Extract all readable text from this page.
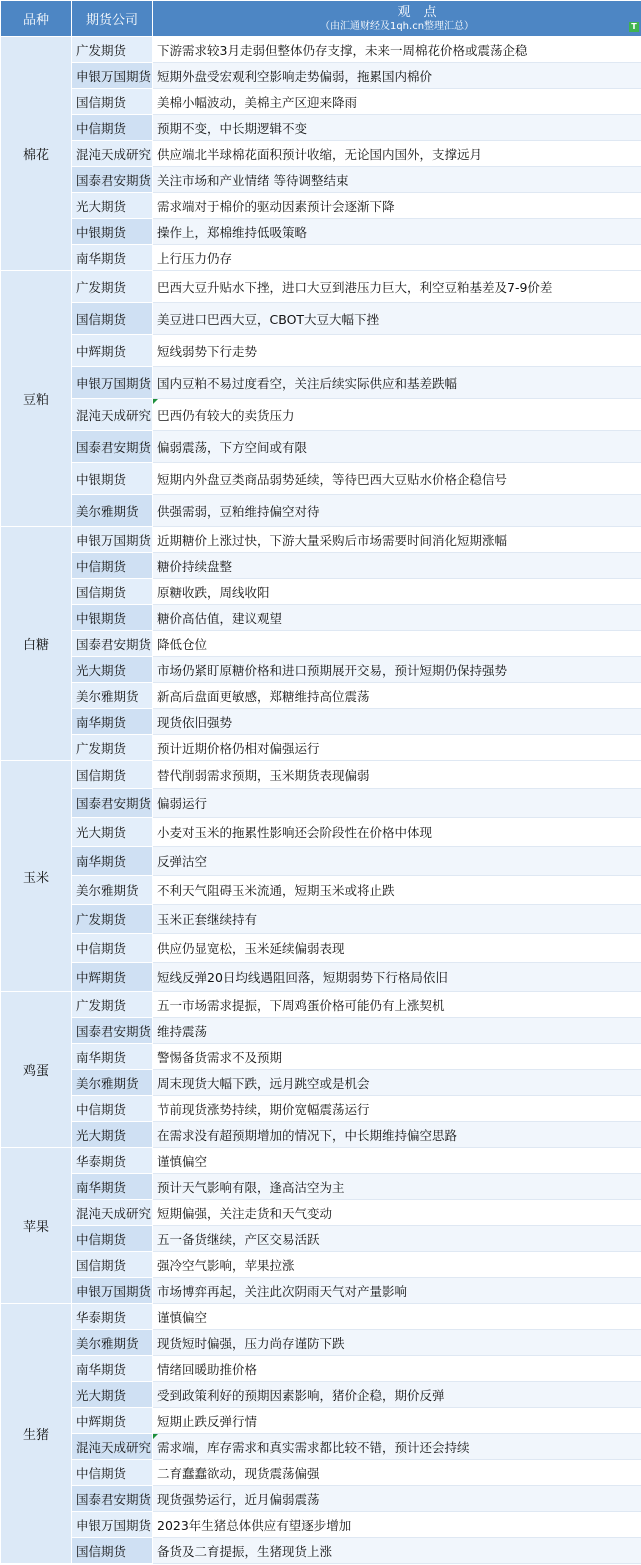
品种	期货公司	观　点
（由汇通财经及1qh.cn整理汇总） T

棉花	广发期货	下游需求较3月走弱但整体仍存支撑，未来一周棉花价格或震荡企稳
	申银万国期货	短期外盘受宏观利空影响走势偏弱，拖累国内棉价
	国信期货	美棉小幅波动，美棉主产区迎来降雨
	中信期货	预期不变，中长期逻辑不变
	混沌天成研究	供应端北半球棉花面积预计收缩，无论国内国外，支撑远月
	国泰君安期货	关注市场和产业情绪 等待调整结束
	光大期货	需求端对于棉价的驱动因素预计会逐渐下降
	中银期货	操作上，郑棉维持低吸策略
	南华期货	上行压力仍存
豆粕	广发期货	巴西大豆升贴水下挫，进口大豆到港压力巨大，利空豆粕基差及7-9价差
	国信期货	美豆进口巴西大豆，CBOT大豆大幅下挫
	中辉期货	短线弱势下行走势
	申银万国期货	国内豆粕不易过度看空，关注后续实际供应和基差跌幅
	混沌天成研究	巴西仍有较大的卖货压力
	国泰君安期货	偏弱震荡，下方空间或有限
	中银期货	短期内外盘豆类商品弱势延续，等待巴西大豆贴水价格企稳信号
	美尔雅期货	供强需弱，豆粕维持偏空对待
白糖	申银万国期货	近期糖价上涨过快，下游大量采购后市场需要时间消化短期涨幅
	中信期货	糖价持续盘整
	国信期货	原糖收跌，周线收阳
	中银期货	糖价高估值，建议观望
	国泰君安期货	降低仓位
	光大期货	市场仍紧盯原糖价格和进口预期展开交易，预计短期仍保持强势
	美尔雅期货	新高后盘面更敏感，郑糖维持高位震荡
	南华期货	现货依旧强势
	广发期货	预计近期价格仍相对偏强运行
玉米	国信期货	替代削弱需求预期，玉米期货表现偏弱
	国泰君安期货	偏弱运行
	光大期货	小麦对玉米的拖累性影响还会阶段性在价格中体现
	南华期货	反弹沽空
	美尔雅期货	不利天气阻碍玉米流通，短期玉米或将止跌
	广发期货	玉米正套继续持有
	中信期货	供应仍显宽松，玉米延续偏弱表现
	中辉期货	短线反弹20日均线遇阻回落，短期弱势下行格局依旧
鸡蛋	广发期货	五一市场需求提振，下周鸡蛋价格可能仍有上涨契机
	国泰君安期货	维持震荡
	南华期货	警惕备货需求不及预期
	美尔雅期货	周末现货大幅下跌，远月跳空或是机会
	中信期货	节前现货涨势持续，期价宽幅震荡运行
	光大期货	在需求没有超预期增加的情况下，中长期维持偏空思路
苹果	华泰期货	谨慎偏空
	南华期货	预计天气影响有限，逢高沽空为主
	混沌天成研究	短期偏强，关注走货和天气变动
	中信期货	五一备货继续，产区交易活跃
	国信期货	强冷空气影响，苹果拉涨
	申银万国期货	市场博弈再起，关注此次阴雨天气对产量影响
生猪	华泰期货	谨慎偏空
	美尔雅期货	现货短时偏强，压力尚存谨防下跌
	南华期货	情绪回暖助推价格
	光大期货	受到政策利好的预期因素影响，猪价企稳，期价反弹
	中辉期货	短期止跌反弹行情
	混沌天成研究	需求端，库存需求和真实需求都比较不错，预计还会持续
	中信期货	二育蠢蠢欲动，现货震荡偏强
	国泰君安期货	现货强势运行，近月偏弱震荡
	申银万国期货	2023年生猪总体供应有望逐步增加
	国信期货	备货及二育提振，生猪现货上涨
